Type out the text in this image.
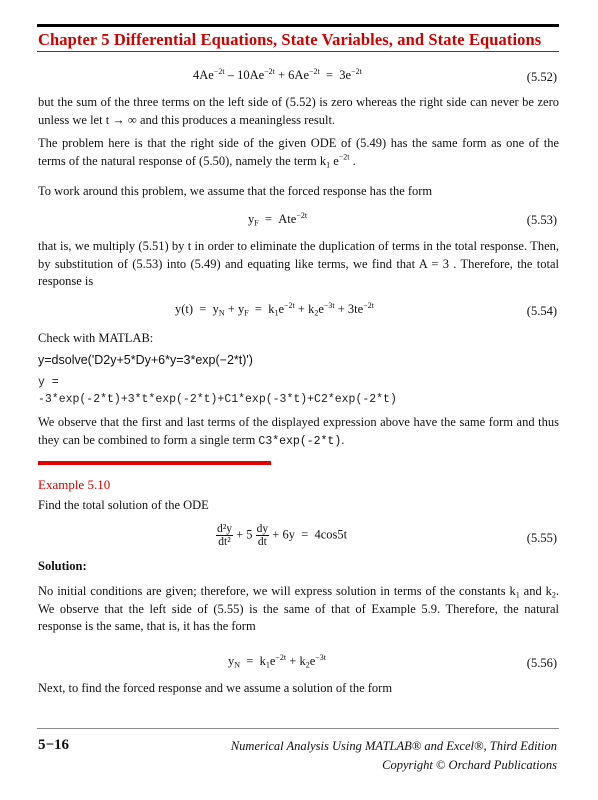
Chapter 5 Differential Equations, State Variables, and State Equations
$4Ae^{-2t} - 10Ae^{-2t} + 6Ae^{-2t} = 3e^{-2t}$	(5.52)
but the sum of the three terms on the left side of (5.52) is zero whereas the right side can never be zero unless we let t → ∞ and this produces a meaningless result.
The problem here is that the right side of the given ODE of (5.49) has the same form as one of the terms of the natural response of (5.50), namely the term $k_1$ $e^{-2t}$ .
To work around this problem, we assume that the forced response has the form
$y_F = Ate^{-2t}$	(5.53)
that is, we multiply (5.51) by t in order to eliminate the duplication of terms in the total response. Then, by substitution of (5.53) into (5.49) and equating like terms, we find that A = 3 . Therefore, the total response is
$y(t) = y_N + y_F = k_1e^{-2t} + k_2e^{-3t} + 3te^{-2t}$	(5.54)
Check with MATLAB:
y=dsolve('D2y+5*Dy+6*y=3*exp(−2*t)')
y =
-3*exp(-2*t)+3*t*exp(-2*t)+C1*exp(-3*t)+C2*exp(-2*t)
We observe that the first and last terms of the displayed expression above have the same form and thus they can be combined to form a single term C3*exp(-2*t).
Example 5.10
Find the total solution of the ODE
$\frac{\text{d²y}}{\text{dt²}} + 5 \frac{dy}{dt} + 6y = 4\cos 5t$	(5.55)
Solution:
No initial conditions are given; therefore, we will express solution in terms of the constants $k_1$ and $k_2$. We observe that the left side of (5.55) is the same of that of Example 5.9. Therefore, the natural response is the same, that is, it has the form
$y_N = k_1e^{-2t} + k_2e^{-3t}$	(5.56)
Next, to find the forced response and we assume a solution of the form
5−16	Numerical Analysis Using MATLAB® and Excel®, Third Edition
Copyright © Orchard Publications
